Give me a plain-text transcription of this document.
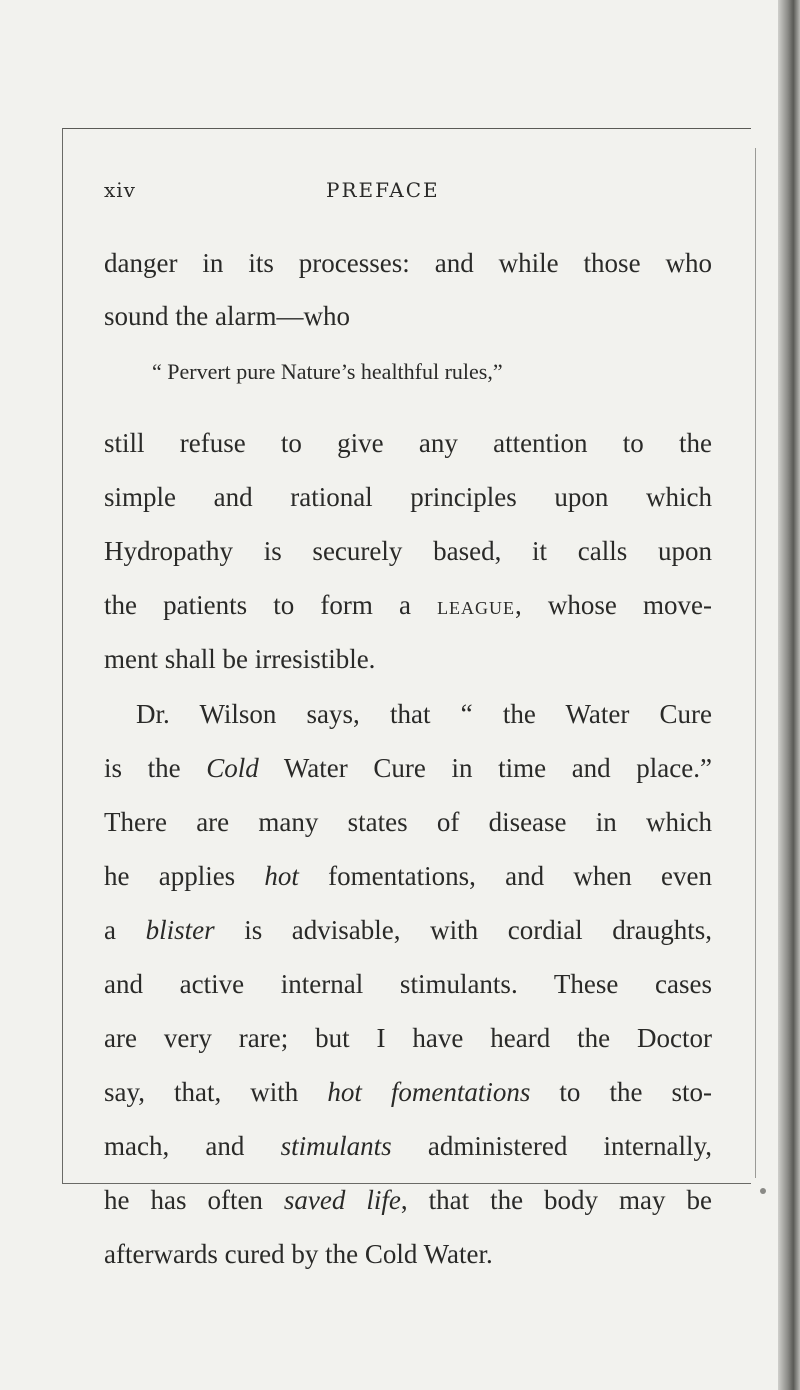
xiv	PREFACE

danger in its processes: and while those who

sound the alarm—who

“ Pervert pure Nature’s healthful rules,”

still refuse to give any attention to the

simple and rational principles upon which

Hydropathy is securely based, it calls upon

the patients to form a league, whose move-

ment shall be irresistible.

Dr. Wilson says, that “ the Water Cure

is the Cold Water Cure in time and place.”

There are many states of disease in which

he applies hot fomentations, and when even

a blister is advisable, with cordial draughts,

and active internal stimulants. These cases

are very rare; but I have heard the Doctor

say, that, with hot fomentations to the sto-

mach, and stimulants administered internally,

he has often saved life, that the body may be

afterwards cured by the Cold Water.
